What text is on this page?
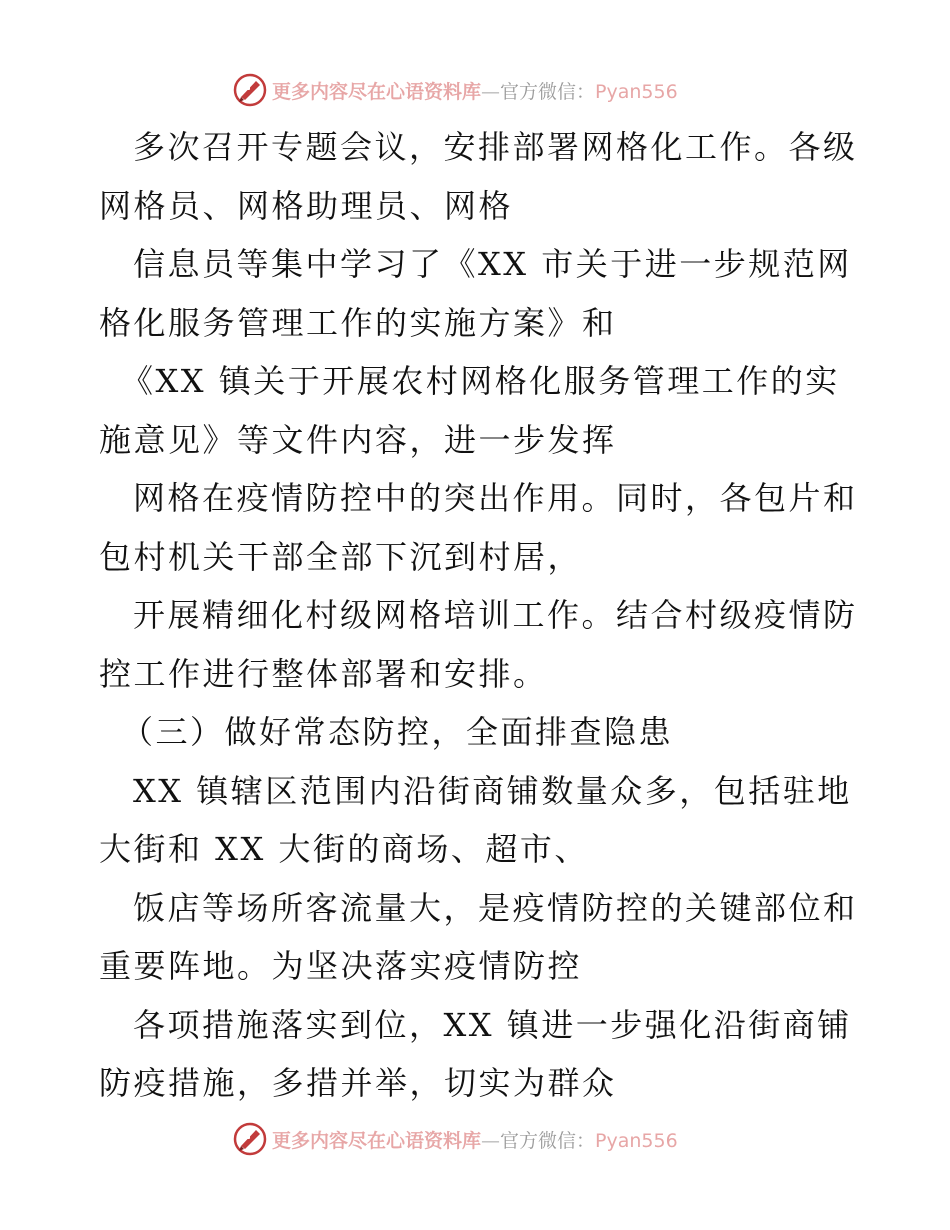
更多内容尽在心语资料库—官方微信：Pyan556
多次召开专题会议，安排部署网格化工作。各级
网格员、网格助理员、网格
信息员等集中学习了《XX 市关于进一步规范网
格化服务管理工作的实施方案》和
《XX 镇关于开展农村网格化服务管理工作的实
施意见》等文件内容，进一步发挥
网格在疫情防控中的突出作用。同时，各包片和
包村机关干部全部下沉到村居，
开展精细化村级网格培训工作。结合村级疫情防
控工作进行整体部署和安排。
（三）做好常态防控，全面排查隐患
XX 镇辖区范围内沿街商铺数量众多，包括驻地
大街和 XX 大街的商场、超市、
饭店等场所客流量大，是疫情防控的关键部位和
重要阵地。为坚决落实疫情防控
各项措施落实到位，XX 镇进一步强化沿街商铺
防疫措施，多措并举，切实为群众
更多内容尽在心语资料库—官方微信：Pyan556
